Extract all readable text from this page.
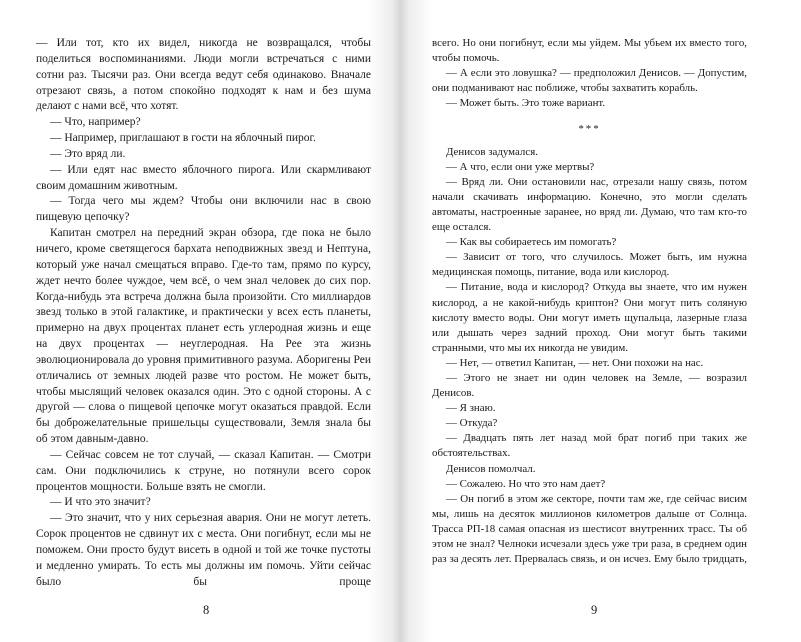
— Или тот, кто их видел, никогда не возвращался, чтобы поделиться воспоминаниями. Люди могли встречаться с ними сотни раз. Тысячи раз. Они всегда ведут себя одинаково. Вначале отрезают связь, а потом спокойно подходят к нам и без шума делают с нами всё, что хотят.

— Что, например?

— Например, приглашают в гости на яблочный пирог.

— Это вряд ли.

— Или едят нас вместо яблочного пирога. Или скармливают своим домашним животным.

— Тогда чего мы ждем? Чтобы они включили нас в свою пищевую цепочку?

Капитан смотрел на передний экран обзора, где пока не было ничего, кроме светящегося бархата неподвижных звезд и Нептуна, который уже начал смещаться вправо. Где-то там, прямо по курсу, ждет нечто более чуждое, чем всё, о чем знал человек до сих пор. Когда-нибудь эта встреча должна была произойти. Сто миллиардов звезд только в этой галактике, и практически у всех есть планеты, примерно на двух процентах планет есть углеродная жизнь и еще на двух процентах — неуглеродная. На Рее эта жизнь эволюционировала до уровня примитивного разума. Аборигены Реи отличались от земных людей разве что ростом. Не может быть, чтобы мыслящий человек оказался один. Это с одной стороны. А с другой — слова о пищевой цепочке могут оказаться правдой. Если бы доброжелательные пришельцы существовали, Земля знала бы об этом давным-давно.

— Сейчас совсем не тот случай, — сказал Капитан. — Смотри сам. Они подключились к струне, но потянули всего сорок процентов мощности. Больше взять не смогли.

— И что это значит?

— Это значит, что у них серьезная авария. Они не могут лететь. Сорок процентов не сдвинут их с места. Они погибнут, если мы не поможем. Они просто будут висеть в одной и той же точке пустоты и медленно умирать. То есть мы должны им помочь. Уйти сейчас было бы проще

8

всего. Но они погибнут, если мы уйдем. Мы убьем их вместо того, чтобы помочь.

— А если это ловушка? — предположил Денисов. — Допустим, они подманивают нас поближе, чтобы захватить корабль.

— Может быть. Это тоже вариант.

***

Денисов задумался.

— А что, если они уже мертвы?

— Вряд ли. Они остановили нас, отрезали нашу связь, потом начали скачивать информацию. Конечно, это могли сделать автоматы, настроенные заранее, но вряд ли. Думаю, что там кто-то еще остался.

— Как вы собираетесь им помогать?

— Зависит от того, что случилось. Может быть, им нужна медицинская помощь, питание, вода или кислород.

— Питание, вода и кислород? Откуда вы знаете, что им нужен кислород, а не какой-нибудь криптон? Они могут пить соляную кислоту вместо воды. Они могут иметь щупальца, лазерные глаза или дышать через задний проход. Они могут быть такими странными, что мы их никогда не увидим.

— Нет, — ответил Капитан, — нет. Они похожи на нас.

— Этого не знает ни один человек на Земле, — возразил Денисов.

— Я знаю.

— Откуда?

— Двадцать пять лет назад мой брат погиб при таких же обстоятельствах.

Денисов помолчал.

— Сожалею. Но что это нам дает?

— Он погиб в этом же секторе, почти там же, где сейчас висим мы, лишь на десяток миллионов километров дальше от Солнца. Трасса РП-18 самая опасная из шестисот внутренних трасс. Ты об этом не знал? Челноки исчезали здесь уже три раза, в среднем один раз за десять лет. Прервалась связь, и он исчез. Ему было тридцать,

9
